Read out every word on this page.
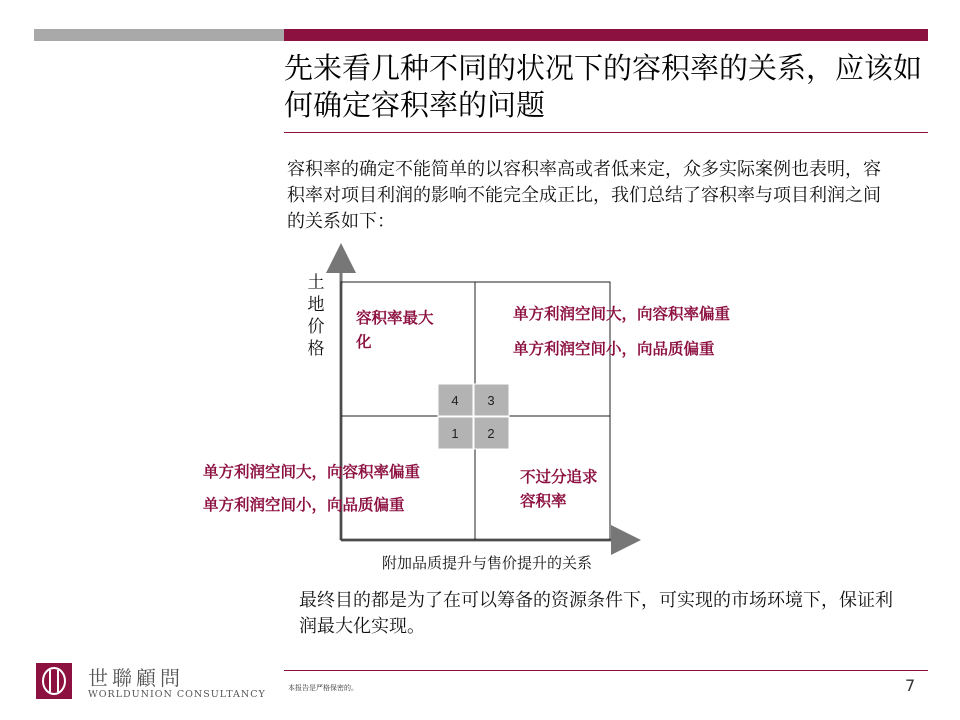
先来看几种不同的状况下的容积率的关系，应该如何确定容积率的问题
容积率的确定不能简单的以容积率高或者低来定，众多实际案例也表明，容积率对项目利润的影响不能完全成正比，我们总结了容积率与项目利润之间的关系如下：
4 3
1 2
土地价格
容积率最大化
单方利润空间大，向容积率偏重
单方利润空间小，向品质偏重
单方利润空间大，向容积率偏重
单方利润空间小，向品质偏重
不过分追求容积率
附加品质提升与售价提升的关系
最终目的都是为了在可以筹备的资源条件下，可实现的市场环境下，保证利润最大化实现。
世聯顧問
WORLDUNION CONSULTANCY
本报告是严格保密的。	7
